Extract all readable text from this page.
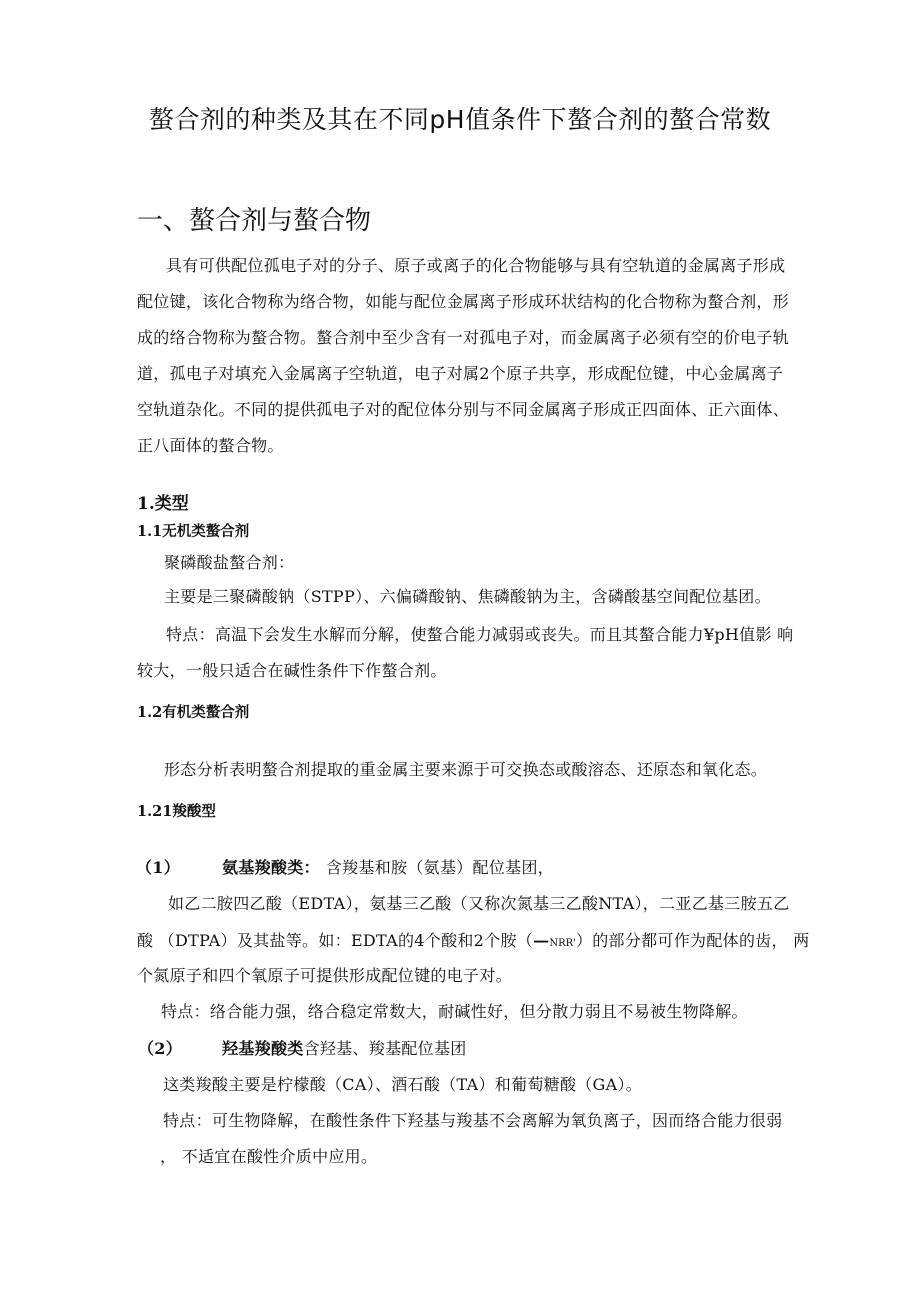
螯合剂的种类及其在不同pH值条件下螯合剂的螯合常数
一、螯合剂与螯合物
具有可供配位孤电子对的分子、原子或离子的化合物能够与具有空轨道的金属离子形成
配位键，该化合物称为络合物，如能与配位金属离子形成环状结构的化合物称为螯合剂，形
成的络合物称为螯合物。螯合剂中至少含有一对孤电子对，而金属离子必须有空的价电子轨
道，孤电子对填充入金属离子空轨道，电子对属2个原子共享，形成配位键，中心金属离子
空轨道杂化。不同的提供孤电子对的配位体分别与不同金属离子形成正四面体、正六面体、
正八面体的螯合物。
1.类型
1.1无机类螯合剂
聚磷酸盐螯合剂：
主要是三聚磷酸钠（STPP）、六偏磷酸钠、焦磷酸钠为主，含磷酸基空间配位基团。
特点：高温下会发生水解而分解，使螯合能力减弱或丧失。而且其螯合能力¥pH值影 响
较大，一般只适合在碱性条件下作螯合剂。
1.2有机类螯合剂
形态分析表明螯合剂提取的重金属主要来源于可交换态或酸溶态、还原态和氧化态。
1.21羧酸型
（1）	氨基羧酸类： 含羧基和胺（氨基）配位基团，
如乙二胺四乙酸（EDTA），氨基三乙酸（又称次氮基三乙酸NTA），二亚乙基三胺五乙
酸 （DTPA）及其盐等。如：EDTA的4个酸和2个胺（—NRR'）的部分都可作为配体的齿， 两
个氮原子和四个氧原子可提供形成配位键的电子对。
特点：络合能力强，络合稳定常数大，耐碱性好，但分散力弱且不易被生物降解。
（2）	羟基羧酸类含羟基、羧基配位基团
这类羧酸主要是柠檬酸（CA）、酒石酸（TA）和葡萄糖酸（GA）。
特点：可生物降解，在酸性条件下羟基与羧基不会离解为氧负离子，因而络合能力很弱
， 不适宜在酸性介质中应用。
